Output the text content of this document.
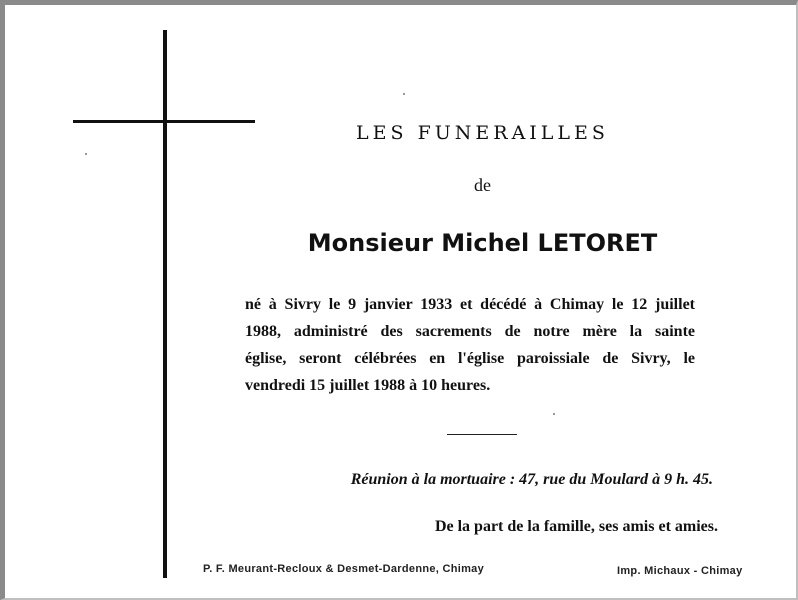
LES FUNERAILLES
de
Monsieur Michel LETORET
né à Sivry le 9 janvier 1933 et décédé à Chimay le 12 juillet
1988, administré des sacrements de notre mère la sainte
église, seront célébrées en l'église paroissiale de Sivry, le
vendredi 15 juillet 1988 à 10 heures.
Réunion à la mortuaire : 47, rue du Moulard à 9 h. 45.
De la part de la famille, ses amis et amies.
P. F. Meurant-Recloux & Desmet-Dardenne, Chimay	Imp. Michaux - Chimay
